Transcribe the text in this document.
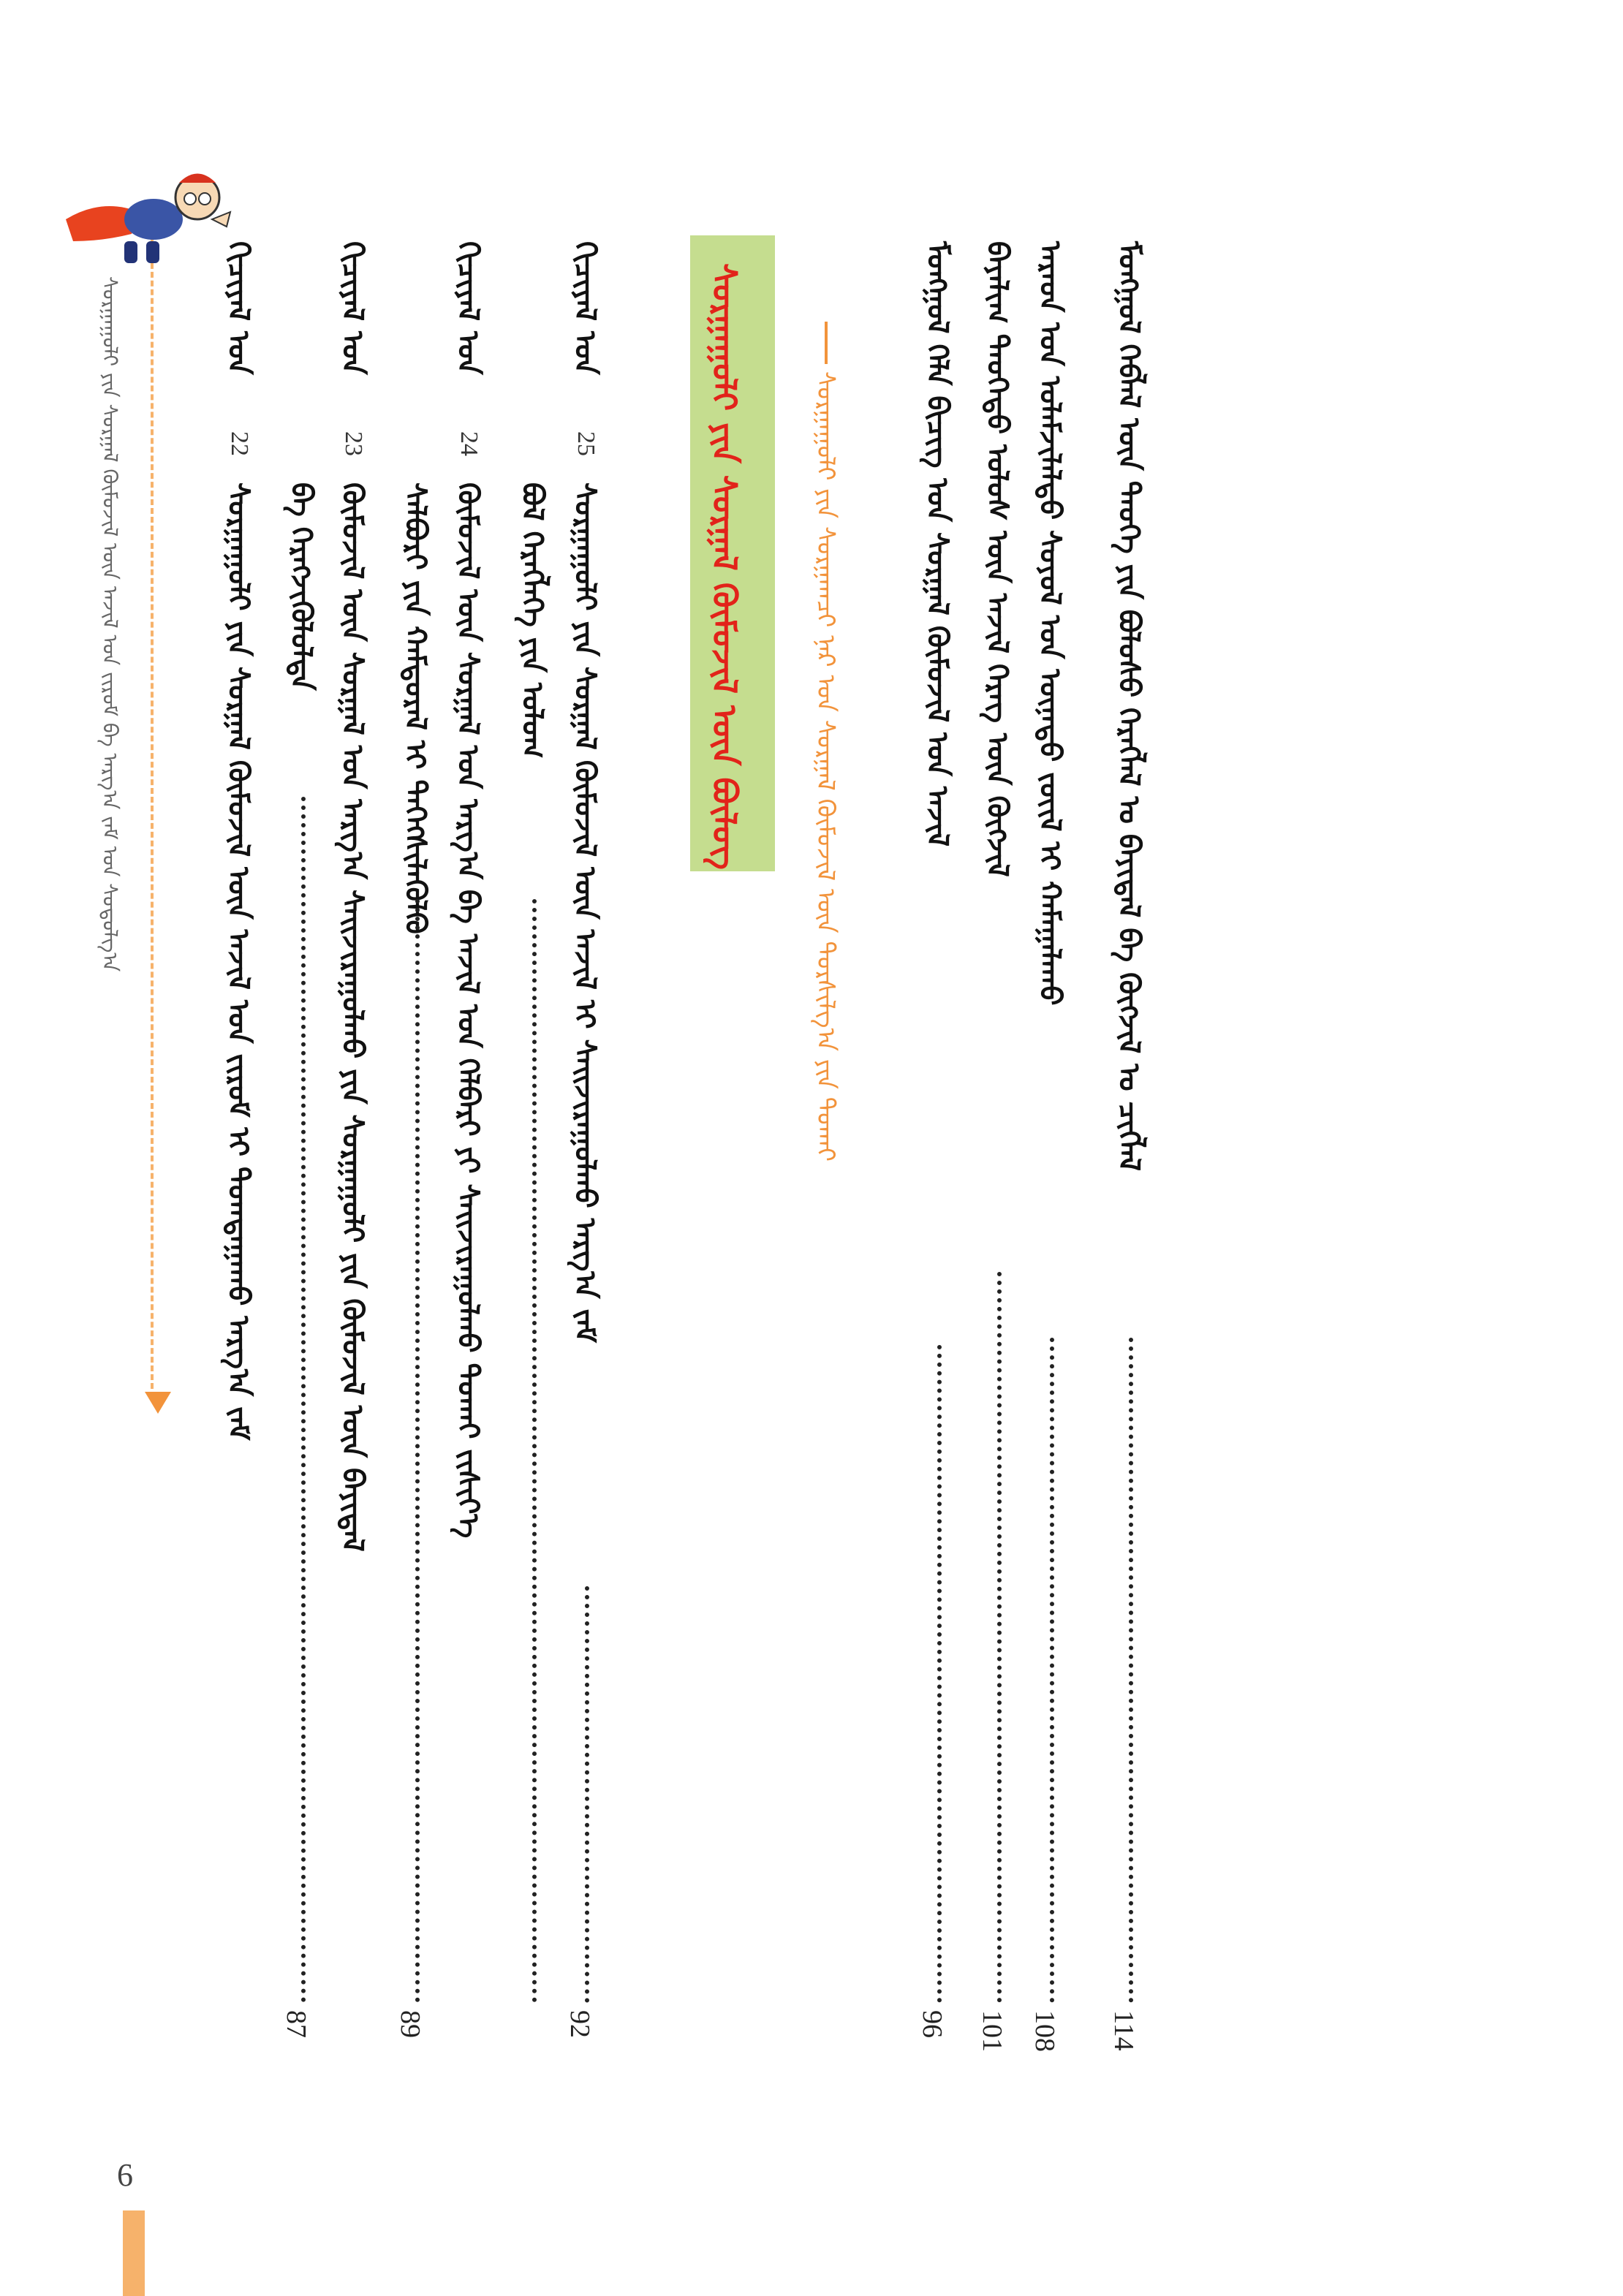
ᠮᠣᠩᠭᠣᠯ ᠬᠡᠪᠯᠡᠯ ᠦᠨ ᠲᠡᠦᠬᠡ ᠶᠢᠨ ᠪᠣᠯᠤᠰᠤ ᠬᠡᠷᠡᠭᠯᠡᠯ ᠤ ᠪᠠᠶᠢᠳᠠᠯ ᠪᠠ ᠬᠥᠭᠵᠢᠯ ᠤ ᠴᠢᠭᠯᠡᠯ
114
ᠠᠷᠠᠳ ᠤᠨ ᠤᠯᠠᠮᠵᠢᠯᠠᠯᠲᠤ ᠰᠣᠶᠣᠯ ᠤᠨ ᠦᠨᠡᠲᠦ ᠵᠦᠢᠯ ᠢ ᠬᠠᠮᠠᠭᠠᠯᠠᠬᠤ
108
ᠪᠠᠶᠠᠯᠢᠭ ᠲᠡᠦᠬᠡᠲᠦ ᠤᠯᠤᠰ ᠦᠨ ᠠᠵᠢᠯ ᠬᠡᠷᠡᠭ ᠦᠨ ᠬᠥᠭᠵᠢᠯ
101
ᠮᠣᠩᠭᠣᠯ ᠬᠡᠯᠡ ᠪᠢᠴᠢᠭ ᠤᠨ ᠰᠤᠷᠭᠠᠯ ᠬᠦᠮᠦᠵᠢᠯ ᠤᠨ ᠠᠵᠢᠯ
96
ᠰᠤᠷᠭᠠᠭᠤᠯᠢ ᠶᠢᠨ ᠰᠤᠷᠭᠠᠯ ᠬᠦᠮᠦᠵᠢᠯ ᠦᠨ ᠪᠦᠯᠦᠭ	ᠰᠤᠷᠭᠠᠭᠤᠯᠢ ᠶᠢᠨ ᠰᠤᠷᠭᠠᠭᠴᠢ ᠨᠠᠷ ᠤᠨ ᠰᠤᠷᠭᠠᠯ ᠬᠦᠮᠦᠵᠢᠯ ᠦᠨ ᠲᠤᠷᠰᠢᠯᠭ᠎ᠠ ᠶᠢᠨ ᠲᠤᠬᠠᠢ
ᠬᠢᠴᠢᠶᠡᠯ ᠤᠨ
25
ᠰᠤᠷᠭᠠᠭᠤᠯᠢ ᠶᠢᠨ ᠰᠤᠷᠭᠠᠯ ᠬᠦᠮᠦᠵᠢᠯ ᠦᠨ ᠠᠵᠢᠯ ᠢ ᠰᠠᠢᠵᠢᠷᠠᠭᠤᠯᠬᠤ ᠠᠷᠭ᠎ᠠ ᠵᠠᠮ
92
ᠪᠣᠯ ᠬᠡᠷᠡᠭᠯᠡᠭᠡ ᠶᠢᠨ ᠤᠯᠤᠭ
ᠬᠢᠴᠢᠶᠡᠯ ᠤᠨ
24
ᠬᠦᠮᠦᠵᠢᠯ ᠦᠨ ᠰᠤᠷᠭᠠᠯ ᠤᠨ ᠠᠷᠭ᠎ᠠ ᠪᠠ ᠠᠵᠢᠯ ᠤᠨ ᠬᠡᠯᠪᠡᠷᠢ ᠶᠢ ᠰᠠᠢᠵᠢᠷᠠᠭᠤᠯᠬᠤ ᠲᠤᠬᠠᠢ ᠵᠢᠱᠢᠶ᠎ᠡ
ᠰᠠᠯᠪᠤᠷᠢ ᠶᠢᠨ ᠬᠠᠮᠲᠤᠷᠠᠯ ᠢ ᠳᠡᠭᠡᠭᠰᠢᠯᠡᠭᠦᠯᠬᠦ
89
ᠬᠢᠴᠢᠶᠡᠯ ᠤᠨ
23
ᠬᠦᠮᠦᠵᠢᠯ ᠦᠨ ᠰᠤᠷᠭᠠᠯ ᠤᠨ ᠠᠷᠭ᠎ᠠ ᠰᠠᠢᠵᠢᠷᠠᠭᠤᠯᠬᠤ ᠶᠢᠨ ᠰᠤᠷᠭᠠᠭᠤᠯᠢ ᠶᠢᠨ ᠬᠦᠮᠦᠵᠢᠯ ᠦᠨ ᠪᠠᠶᠢᠳᠠᠯ
ᠪᠠ ᠬᠡᠷᠡᠭᠵᠢᠭᠦᠯᠦᠯᠲᠡ
87
ᠬᠢᠴᠢᠶᠡᠯ ᠤᠨ
22
ᠰᠤᠷᠭᠠᠭᠤᠯᠢ ᠶᠢᠨ ᠰᠤᠷᠭᠠᠯ ᠬᠦᠮᠦᠵᠢᠯ ᠦᠨ ᠠᠵᠢᠯ ᠤᠨ ᠵᠢᠷᠤᠮ ᠢ ᠲᠣᠭᠲᠠᠭᠠᠬᠤ ᠠᠷᠭ᠎ᠠ ᠵᠠᠮ
ᠰᠤᠷᠭᠠᠭᠤᠯᠢ ᠶᠢᠨ ᠰᠤᠷᠭᠠᠯ ᠬᠦᠮᠦᠵᠢᠯ ᠦᠨ ᠠᠵᠢᠯ ᠤᠨ ᠵᠢᠷᠤᠮ ᠪᠠ ᠠᠷᠭ᠎ᠠ ᠵᠠᠮ ᠤᠨ ᠰᠤᠳᠤᠯᠭ᠎ᠠ
6
